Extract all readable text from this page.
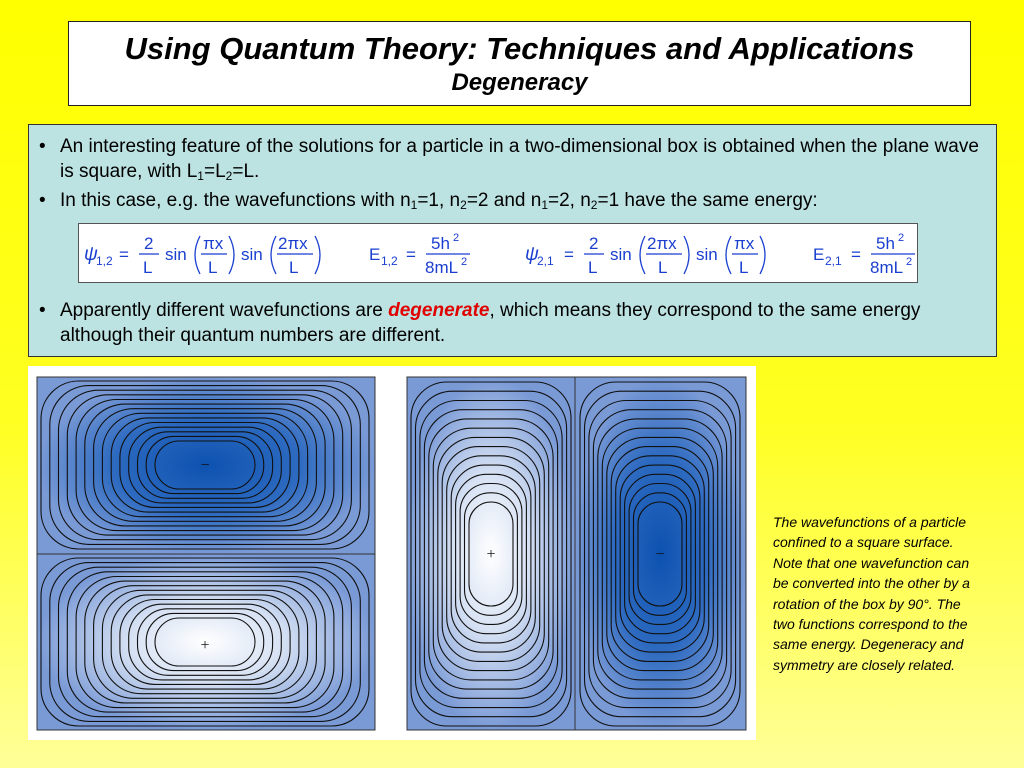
Using Quantum Theory: Techniques and Applications
Degeneracy
• An interesting feature of the solutions for a particle in a two-dimensional box is obtained when the plane wave is square, with $L_1=L_2=L$.
• In this case, e.g. the wavefunctions with $n_1=1$, $n_2=2$ and $n_1=2$, $n_2=1$ have the same energy:
ψ
1,2 =
2
L
sin
πx
L
sin
2πx
L
E 1,2 =
5h 2
8mL 2	ψ
2,1 =
2
L
sin
2πx
L
sin
πx
L
E 2,1 =
5h 2
8mL 2
• Apparently different wavefunctions are degenerate, which means they correspond to the same energy although their quantum numbers are different.
−
+
+	−
The wavefunctions of a particle confined to a square surface. Note that one wavefunction can be converted into the other by a rotation of the box by 90°. The two functions correspond to the same energy. Degeneracy and symmetry are closely related.
